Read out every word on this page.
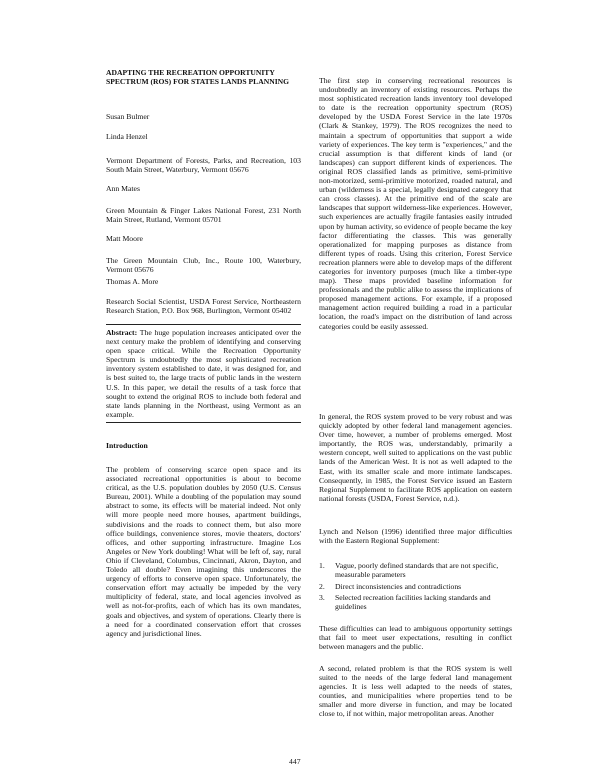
ADAPTING THE RECREATION OPPORTUNITY SPECTRUM (ROS) FOR STATES LANDS PLANNING
Susan Bulmer
Linda Henzel
Vermont Department of Forests, Parks, and Recreation, 103 South Main Street, Waterbury, Vermont 05676
Ann Mates
Green Mountain & Finger Lakes National Forest, 231 North Main Street, Rutland, Vermont 05701
Matt Moore
The Green Mountain Club, Inc., Route 100, Waterbury, Vermont 05676
Thomas A. More
Research Social Scientist, USDA Forest Service, Northeastern Research Station, P.O. Box 968, Burlington, Vermont 05402
Abstract: The huge population increases anticipated over the next century make the problem of identifying and conserving open space critical. While the Recreation Opportunity Spectrum is undoubtedly the most sophisticated recreation inventory system established to date, it was designed for, and is best suited to, the large tracts of public lands in the western U.S. In this paper, we detail the results of a task force that sought to extend the original ROS to include both federal and state lands planning in the Northeast, using Vermont as an example.
Introduction
The problem of conserving scarce open space and its associated recreational opportunities is about to become critical, as the U.S. population doubles by 2050 (U.S. Census Bureau, 2001). While a doubling of the population may sound abstract to some, its effects will be material indeed. Not only will more people need more houses, apartment buildings, subdivisions and the roads to connect them, but also more office buildings, convenience stores, movie theaters, doctors' offices, and other supporting infrastructure. Imagine Los Angeles or New York doubling! What will be left of, say, rural Ohio if Cleveland, Columbus, Cincinnati, Akron, Dayton, and Toledo all double? Even imagining this underscores the urgency of efforts to conserve open space. Unfortunately, the conservation effort may actually be impeded by the very multiplicity of federal, state, and local agencies involved as well as not-for-profits, each of which has its own mandates, goals and objectives, and system of operations. Clearly there is a need for a coordinated conservation effort that crosses agency and jurisdictional lines.
The first step in conserving recreational resources is undoubtedly an inventory of existing resources. Perhaps the most sophisticated recreation lands inventory tool developed to date is the recreation opportunity spectrum (ROS) developed by the USDA Forest Service in the late 1970s (Clark & Stankey, 1979). The ROS recognizes the need to maintain a spectrum of opportunities that support a wide variety of experiences. The key term is "experiences," and the crucial assumption is that different kinds of land (or landscapes) can support different kinds of experiences. The original ROS classified lands as primitive, semi-primitive non-motorized, semi-primitive motorized, roaded natural, and urban (wilderness is a special, legally designated category that can cross classes). At the primitive end of the scale are landscapes that support wilderness-like experiences. However, such experiences are actually fragile fantasies easily intruded upon by human activity, so evidence of people became the key factor differentiating the classes. This was generally operationalized for mapping purposes as distance from different types of roads. Using this criterion, Forest Service recreation planners were able to develop maps of the different categories for inventory purposes (much like a timber-type map). These maps provided baseline information for professionals and the public alike to assess the implications of proposed management actions. For example, if a proposed management action required building a road in a particular location, the road's impact on the distribution of land across categories could be easily assessed.
In general, the ROS system proved to be very robust and was quickly adopted by other federal land management agencies. Over time, however, a number of problems emerged. Most importantly, the ROS was, understandably, primarily a western concept, well suited to applications on the vast public lands of the American West. It is not as well adapted to the East, with its smaller scale and more intimate landscapes. Consequently, in 1985, the Forest Service issued an Eastern Regional Supplement to facilitate ROS application on eastern national forests (USDA, Forest Service, n.d.).
Lynch and Nelson (1996) identified three major difficulties with the Eastern Regional Supplement:
1.	Vague, poorly defined standards that are not specific, measurable parameters
2.	Direct inconsistencies and contradictions
3.	Selected recreation facilities lacking standards and guidelines
These difficulties can lead to ambiguous opportunity settings that fail to meet user expectations, resulting in conflict between managers and the public.
A second, related problem is that the ROS system is well suited to the needs of the large federal land management agencies. It is less well adapted to the needs of states, counties, and municipalities where properties tend to be smaller and more diverse in function, and may be located close to, if not within, major metropolitan areas. Another
447
